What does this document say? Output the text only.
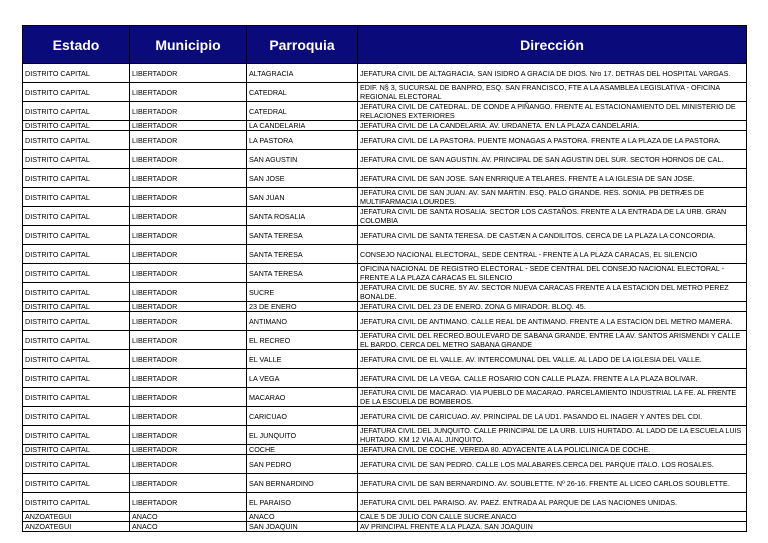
Estado	Municipio	Parroquia	Dirección
DISTRITO CAPITAL	LIBERTADOR	ALTAGRACIA	JEFATURA CIVIL DE ALTAGRACIA. SAN ISIDRO A GRACIA DE DIOS. Nro 17. DETRAS DEL HOSPITAL VARGAS.
DISTRITO CAPITAL	LIBERTADOR	CATEDRAL	EDIF. N§ 3, SUCURSAL DE BANPRO, ESQ. SAN FRANCISCO, FTE A LA ASAMBLEA LEGISLATIVA - OFICINA REGIONAL ELECTORAL
DISTRITO CAPITAL	LIBERTADOR	CATEDRAL	JEFATURA CIVIL DE CATEDRAL. DE CONDE A PIÑANGO. FRENTE AL ESTACIONAMIENTO DEL MINISTERIO DE RELACIONES EXTERIORES
DISTRITO CAPITAL	LIBERTADOR	LA CANDELARIA	JEFATURA CIVIL DE LA CANDELARIA. AV. URDANETA. EN LA PLAZA CANDELARIA.
DISTRITO CAPITAL	LIBERTADOR	LA PASTORA	JEFATURA CIVIL DE LA PASTORA. PUENTE MONAGAS A PASTORA. FRENTE A LA PLAZA DE LA PASTORA.
DISTRITO CAPITAL	LIBERTADOR	SAN AGUSTIN	JEFATURA CIVIL DE SAN AGUSTIN. AV. PRINCIPAL DE SAN AGUSTIN DEL SUR. SECTOR HORNOS DE CAL.
DISTRITO CAPITAL	LIBERTADOR	SAN JOSE	JEFATURA CIVIL DE SAN JOSE. SAN ENRRIQUE A TELARES. FRENTE A LA IGLESIA DE SAN JOSE.
DISTRITO CAPITAL	LIBERTADOR	SAN JUAN	JEFATURA CIVIL DE SAN JUAN. AV. SAN MARTIN. ESQ. PALO GRANDE. RES. SONIA. PB DETRÆS DE MULTIFARMACIA LOURDES.
DISTRITO CAPITAL	LIBERTADOR	SANTA ROSALIA	JEFATURA CIVIL DE SANTA ROSALIA. SECTOR LOS CASTAÑOS. FRENTE A LA ENTRADA DE LA URB. GRAN COLOMBIA
DISTRITO CAPITAL	LIBERTADOR	SANTA TERESA	JEFATURA CIVIL DE SANTA TERESA. DE CASTÆN A CANDILITOS. CERCA DE LA PLAZA LA CONCORDIA.
DISTRITO CAPITAL	LIBERTADOR	SANTA TERESA	CONSEJO NACIONAL ELECTORAL, SEDE CENTRAL - FRENTE A LA PLAZA CARACAS, EL SILENCIO
DISTRITO CAPITAL	LIBERTADOR	SANTA TERESA	OFICINA NACIONAL DE REGISTRO ELECTORAL - SEDE CENTRAL DEL CONSEJO NACIONAL ELECTORAL - FRENTE A LA PLAZA CARACAS EL SILENCIO
DISTRITO CAPITAL	LIBERTADOR	SUCRE	JEFATURA CIVIL DE SUCRE. 5Y AV. SECTOR NUEVA CARACAS FRENTE A LA ESTACION DEL METRO PEREZ BONALDE.
DISTRITO CAPITAL	LIBERTADOR	23 DE ENERO	JEFATURA CIVIL DEL 23 DE ENERO. ZONA G MIRADOR. BLOQ. 45.
DISTRITO CAPITAL	LIBERTADOR	ANTIMANO	JEFATURA CIVIL DE ANTIMANO. CALLE REAL DE ANTIMANO. FRENTE A LA ESTACION DEL METRO MAMERA.
DISTRITO CAPITAL	LIBERTADOR	EL RECREO	JEFATURA CIVIL DEL RECREO.BOULEVARD DE SABANA GRANDE. ENTRE LA AV. SANTOS ARISMENDI Y CALLE EL BARDO. CERCA DEL METRO SABANA GRANDE
DISTRITO CAPITAL	LIBERTADOR	EL VALLE	JEFATURA CIVIL DE EL VALLE. AV. INTERCOMUNAL DEL VALLE. AL LADO DE LA IGLESIA DEL VALLE.
DISTRITO CAPITAL	LIBERTADOR	LA VEGA	JEFATURA CIVIL DE LA VEGA. CALLE ROSARIO CON CALLE PLAZA. FRENTE A LA PLAZA BOLIVAR.
DISTRITO CAPITAL	LIBERTADOR	MACARAO	JEFATURA CIVIL DE MACARAO. VIA PUEBLO DE MACARAO. PARCELAMIENTO INDUSTRIAL LA FE. AL FRENTE DE LA ESCUELA DE BOMBEROS.
DISTRITO CAPITAL	LIBERTADOR	CARICUAO	JEFATURA CIVIL DE CARICUAO. AV. PRINCIPAL DE LA UD1. PASANDO EL INAGER Y ANTES DEL CDI.
DISTRITO CAPITAL	LIBERTADOR	EL JUNQUITO	JEFATURA CIVIL DEL JUNQUITO. CALLE PRINCIPAL DE LA URB. LUIS HURTADO. AL LADO DE LA ESCUELA LUIS HURTADO. KM 12 VIA AL JUNQUITO.
DISTRITO CAPITAL	LIBERTADOR	COCHE	JEFATURA CIVIL DE COCHE. VEREDA 80. ADYACENTE A LA POLICLINICA DE COCHE.
DISTRITO CAPITAL	LIBERTADOR	SAN PEDRO	JEFATURA CIVIL DE SAN PEDRO. CALLE LOS MALABARES.CERCA DEL PARQUE ITALO. LOS ROSALES.
DISTRITO CAPITAL	LIBERTADOR	SAN BERNARDINO	JEFATURA CIVIL DE SAN BERNARDINO. AV. SOUBLETTE. Nº 26-16. FRENTE AL LICEO CARLOS SOUBLETTE.
DISTRITO CAPITAL	LIBERTADOR	EL PARAISO	JEFATURA CIVIL DEL PARAISO. AV. PAEZ. ENTRADA AL PARQUE DE LAS NACIONES UNIDAS.
ANZOATEGUI	ANACO	ANACO	CALE 5 DE JULIO CON CALLE SUCRE.ANACO
ANZOATEGUI	ANACO	SAN JOAQUIN	AV PRINCIPAL FRENTE A LA PLAZA. SAN JOAQUIN
